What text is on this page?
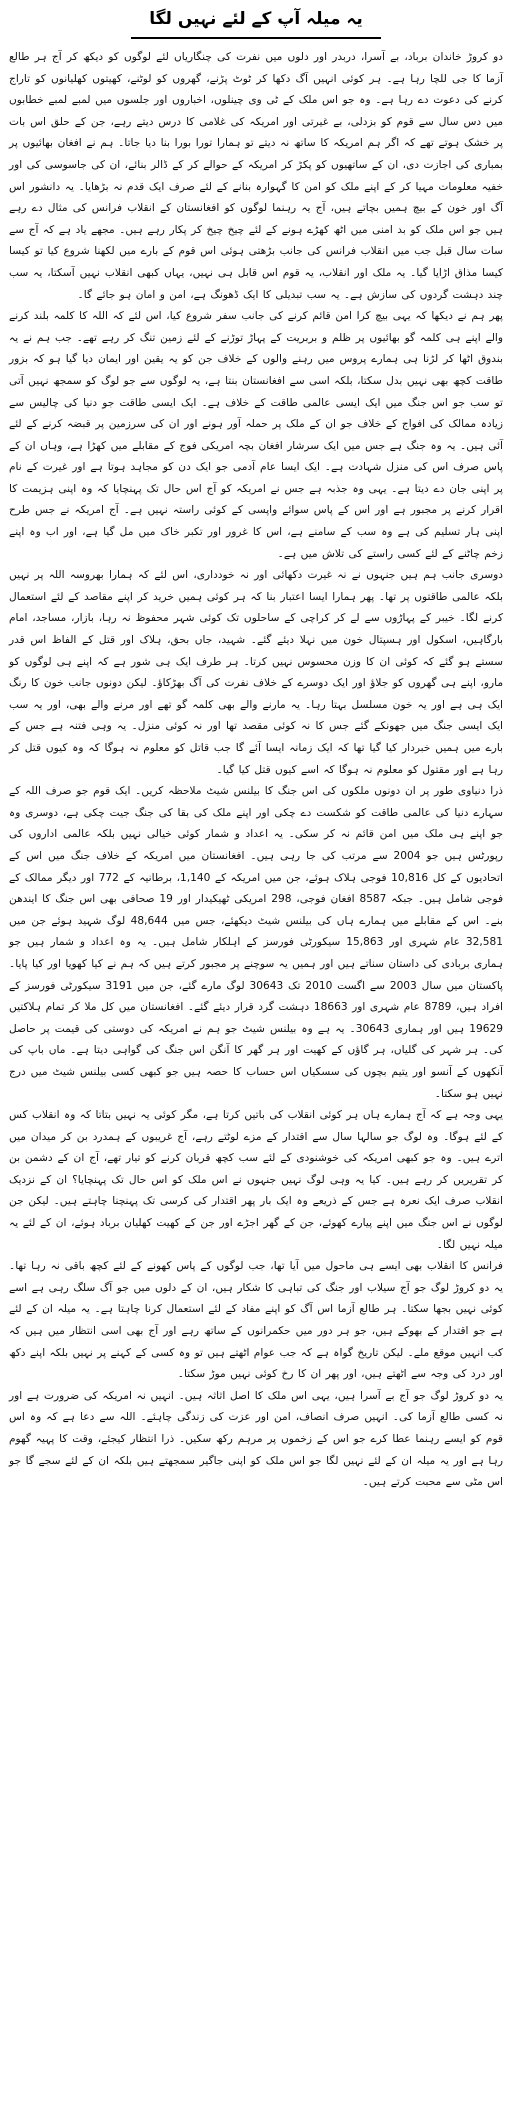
یہ میلہ آپ کے لئے نہیں لگا

دو کروڑ خاندان برباد، بے آسرا، دربدر اور دلوں میں نفرت کی چنگاریاں لئے لوگوں کو دیکھ کر آج ہر طالع آزما کا جی للچا رہا ہے۔ ہر کوئی انہیں آگ دکھا کر ٹوٹ پڑنے، گھروں کو لوٹنے، کھیتوں کھلیانوں کو تاراج کرنے کی دعوت دے رہا ہے۔ وہ جو اس ملک کے ٹی وی چینلوں، اخباروں اور جلسوں میں لمبے لمبے خطابوں میں دس سال سے قوم کو بزدلی، بے غیرتی اور امریکہ کی غلامی کا درس دیتے رہے، جن کے حلق اس بات پر خشک ہوتے تھے کہ اگر ہم امریکہ کا ساتھ نہ دیتے تو ہمارا تورا بورا بنا دیا جاتا۔ ہم نے افغان بھائیوں پر بمباری کی اجازت دی، ان کے ساتھیوں کو پکڑ کر امریکہ کے حوالے کر کے ڈالر بنائے، ان کی جاسوسی کی اور خفیہ معلومات مہیا کر کے اپنے ملک کو امن کا گہوارہ بنانے کے لئے صرف ایک قدم نہ بڑھایا۔ یہ دانشور اس آگ اور خون کے بیچ ہمیں بچاتے ہیں، آج یہ رہنما لوگوں کو افغانستان کے انقلاب فرانس کی مثال دے رہے ہیں جو اس ملک کو بد امنی میں اٹھ کھڑے ہونے کے لئے چیخ چیخ کر پکار رہے ہیں۔ مجھے یاد ہے کہ آج سے سات سال قبل جب میں انقلاب فرانس کی جانب بڑھتی ہوئی اس قوم کے بارے میں لکھنا شروع کیا تو کیسا کیسا مذاق اڑایا گیا۔ یہ ملک اور انقلاب، یہ قوم اس قابل ہی نہیں، یہاں کبھی انقلاب نہیں آسکتا، یہ سب چند دہشت گردوں کی سازش ہے۔ یہ سب تبدیلی کا ایک ڈھونگ ہے، امن و امان ہو جائے گا۔

پھر ہم نے دیکھا کہ یہی بیچ کرا امن قائم کرنے کی جانب سفر شروع کیا، اس لئے کہ اللہ کا کلمہ بلند کرنے والے اپنے ہی کلمہ گو بھائیوں پر ظلم و بربریت کے پہاڑ توڑنے کے لئے زمین تنگ کر رہے تھے۔ جب ہم نے یہ بندوق اٹھا کر لڑنا ہی ہمارے پروس میں رہنے والوں کے خلاف جن کو یہ یقین اور ایمان دیا گیا ہو کہ بزور طاقت کچھ بھی نہیں بدل سکتا، بلکہ اسی سے افغانستان بنتا ہے، یہ لوگوں سے جو لوگ کو سمجھ نہیں آتی تو سب جو اس جنگ میں ایک ایسی عالمی طاقت کے خلاف ہے۔ ایک ایسی طاقت جو دنیا کی چالیس سے زیادہ ممالک کی افواج کے خلاف جو ان کے ملک پر حملہ آور ہونے اور ان کی سرزمین پر قبضہ کرنے کے لئے آئی ہیں۔ یہ وہ جنگ ہے جس میں ایک سرشار افغان بچہ امریکی فوج کے مقابلے میں کھڑا ہے، وہاں ان کے پاس صرف اس کی منزل شہادت ہے۔ ایک ایسا عام آدمی جو ایک دن کو مجاہد ہوتا ہے اور غیرت کے نام پر اپنی جان دے دیتا ہے۔ یہی وہ جذبہ ہے جس نے امریکہ کو آج اس حال تک پہنچایا کہ وہ اپنی ہزیمت کا اقرار کرنے پر مجبور ہے اور اس کے پاس سوائے واپسی کے کوئی راستہ نہیں ہے۔ آج امریکہ نے جس طرح اپنی ہار تسلیم کی ہے وہ سب کے سامنے ہے، اس کا غرور اور تکبر خاک میں مل گیا ہے، اور اب وہ اپنے زخم چاٹنے کے لئے کسی راستے کی تلاش میں ہے۔

دوسری جانب ہم ہیں جنہوں نے نہ غیرت دکھائی اور نہ خودداری، اس لئے کہ ہمارا بھروسہ اللہ پر نہیں بلکہ عالمی طاقتوں پر تھا۔ پھر ہمارا ایسا اعتبار بنا کہ ہر کوئی ہمیں خرید کر اپنے مقاصد کے لئے استعمال کرنے لگا۔ خیبر کے پہاڑوں سے لے کر کراچی کے ساحلوں تک کوئی شہر محفوظ نہ رہا، بازار، مساجد، امام بارگاہیں، اسکول اور ہسپتال خون میں نہلا دیئے گئے۔ شہید، جاں بحق، ہلاک اور قتل کے الفاظ اس قدر سستے ہو گئے کہ کوئی ان کا وزن محسوس نہیں کرتا۔ ہر طرف ایک ہی شور ہے کہ اپنے ہی لوگوں کو مارو، اپنے ہی گھروں کو جلاؤ اور ایک دوسرے کے خلاف نفرت کی آگ بھڑکاؤ۔ لیکن دونوں جانب خون کا رنگ ایک ہی ہے اور یہ خون مسلسل بہتا رہا۔ یہ مارنے والے بھی کلمہ گو تھے اور مرنے والے بھی، اور یہ سب ایک ایسی جنگ میں جھونکے گئے جس کا نہ کوئی مقصد تھا اور نہ کوئی منزل۔ یہ وہی فتنہ ہے جس کے بارے میں ہمیں خبردار کیا گیا تھا کہ ایک زمانہ ایسا آئے گا جب قاتل کو معلوم نہ ہوگا کہ وہ کیوں قتل کر رہا ہے اور مقتول کو معلوم نہ ہوگا کہ اسے کیوں قتل کیا گیا۔

ذرا دنیاوی طور پر ان دونوں ملکوں کی اس جنگ کا بیلنس شیٹ ملاحظہ کریں۔ ایک قوم جو صرف اللہ کے سہارے دنیا کی عالمی طاقت کو شکست دے چکی اور اپنے ملک کی بقا کی جنگ جیت چکی ہے، دوسری وہ جو اپنے ہی ملک میں امن قائم نہ کر سکی۔ یہ اعداد و شمار کوئی خیالی نہیں بلکہ عالمی اداروں کی رپورٹس ہیں جو 2004 سے مرتب کی جا رہی ہیں۔ افغانستان میں امریکہ کے خلاف جنگ میں اس کے اتحادیوں کے کل 10,816 فوجی ہلاک ہوئے، جن میں امریکہ کے 1,140، برطانیہ کے 772 اور دیگر ممالک کے فوجی شامل ہیں۔ جبکہ 8587 افغان فوجی، 298 امریکی ٹھیکیدار اور 19 صحافی بھی اس جنگ کا ایندھن بنے۔ اس کے مقابلے میں ہمارے ہاں کی بیلنس شیٹ دیکھئے، جس میں 48,644 لوگ شہید ہوئے جن میں 32,581 عام شہری اور 15,863 سیکورٹی فورسز کے اہلکار شامل ہیں۔ یہ وہ اعداد و شمار ہیں جو ہماری بربادی کی داستان سناتے ہیں اور ہمیں یہ سوچنے پر مجبور کرتے ہیں کہ ہم نے کیا کھویا اور کیا پایا۔

پاکستان میں سال 2003 سے اگست 2010 تک 30643 لوگ مارے گئے، جن میں 3191 سیکورٹی فورسز کے افراد ہیں، 8789 عام شہری اور 18663 دہشت گرد قرار دیئے گئے۔ افغانستان میں کل ملا کر تمام ہلاکتیں 19629 ہیں اور ہماری 30643۔ یہ ہے وہ بیلنس شیٹ جو ہم نے امریکہ کی دوستی کی قیمت پر حاصل کی۔ ہر شہر کی گلیاں، ہر گاؤں کے کھیت اور ہر گھر کا آنگن اس جنگ کی گواہی دیتا ہے۔ ماں باپ کی آنکھوں کے آنسو اور یتیم بچوں کی سسکیاں اس حساب کا حصہ ہیں جو کبھی کسی بیلنس شیٹ میں درج نہیں ہو سکتا۔

یہی وجہ ہے کہ آج ہمارے ہاں ہر کوئی انقلاب کی باتیں کرتا ہے، مگر کوئی یہ نہیں بتاتا کہ وہ انقلاب کس کے لئے ہوگا۔ وہ لوگ جو سالہا سال سے اقتدار کے مزے لوٹتے رہے، آج غریبوں کے ہمدرد بن کر میدان میں اترے ہیں۔ وہ جو کبھی امریکہ کی خوشنودی کے لئے سب کچھ قربان کرنے کو تیار تھے، آج ان کے دشمن بن کر تقریریں کر رہے ہیں۔ کیا یہ وہی لوگ نہیں جنہوں نے اس ملک کو اس حال تک پہنچایا؟ ان کے نزدیک انقلاب صرف ایک نعرہ ہے جس کے ذریعے وہ ایک بار پھر اقتدار کی کرسی تک پہنچنا چاہتے ہیں۔ لیکن جن لوگوں نے اس جنگ میں اپنے پیارے کھوئے، جن کے گھر اجڑے اور جن کے کھیت کھلیان برباد ہوئے، ان کے لئے یہ میلہ نہیں لگا۔

فرانس کا انقلاب بھی ایسے ہی ماحول میں آیا تھا، جب لوگوں کے پاس کھونے کے لئے کچھ باقی نہ رہا تھا۔ یہ دو کروڑ لوگ جو آج سیلاب اور جنگ کی تباہی کا شکار ہیں، ان کے دلوں میں جو آگ سلگ رہی ہے اسے کوئی نہیں بجھا سکتا۔ ہر طالع آزما اس آگ کو اپنے مفاد کے لئے استعمال کرنا چاہتا ہے۔ یہ میلہ ان کے لئے ہے جو اقتدار کے بھوکے ہیں، جو ہر دور میں حکمرانوں کے ساتھ رہے اور آج بھی اسی انتظار میں ہیں کہ کب انہیں موقع ملے۔ لیکن تاریخ گواہ ہے کہ جب عوام اٹھتے ہیں تو وہ کسی کے کہنے پر نہیں بلکہ اپنے دکھ اور درد کی وجہ سے اٹھتے ہیں، اور پھر ان کا رخ کوئی نہیں موڑ سکتا۔

یہ دو کروڑ لوگ جو آج بے آسرا ہیں، یہی اس ملک کا اصل اثاثہ ہیں۔ انہیں نہ امریکہ کی ضرورت ہے اور نہ کسی طالع آزما کی۔ انہیں صرف انصاف، امن اور عزت کی زندگی چاہئے۔ اللہ سے دعا ہے کہ وہ اس قوم کو ایسے رہنما عطا کرے جو اس کے زخموں پر مرہم رکھ سکیں۔ ذرا انتظار کیجئے، وقت کا پہیہ گھوم رہا ہے اور یہ میلہ ان کے لئے نہیں لگا جو اس ملک کو اپنی جاگیر سمجھتے ہیں بلکہ ان کے لئے سجے گا جو اس مٹی سے محبت کرتے ہیں۔
